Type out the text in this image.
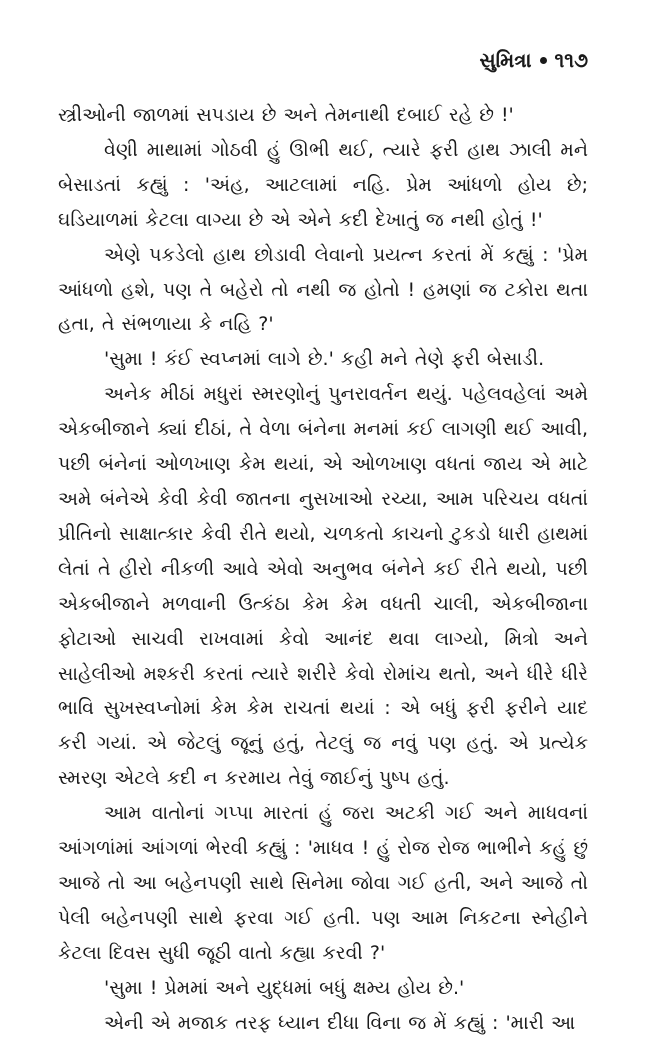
સુમિત્રા ૧૧૭

સ્ત્રીઓની જાળમાં સપડાય છે અને તેમનાથી દબાઈ રહે છે !'

વેણી માથામાં ગોઠવી હું ઊભી થઈ, ત્યારે ફરી હાથ ઝાલી મને બેસાડતાં કહ્યું : 'અંહ, આટલામાં નહિ. પ્રેમ આંધળો હોય છે; ઘડિયાળમાં કેટલા વાગ્યા છે એ એને કદી દેખાતું જ નથી હોતું !'

એણે પકડેલો હાથ છોડાવી લેવાનો પ્રયત્ન કરતાં મેં કહ્યું : 'પ્રેમ આંધળો હશે, પણ તે બહેરો તો નથી જ હોતો ! હમણાં જ ટકોરા થતા હતા, તે સંભળાયા કે નહિ ?'

'સુમા ! કંઈ સ્વપ્નમાં લાગે છે.' કહી મને તેણે ફરી બેસાડી.

અનેક મીઠાં મધુરાં સ્મરણોનું પુનરાવર્તન થયું. પહેલવહેલાં અમે એકબીજાને ક્યાં દીઠાં, તે વેળા બંનેના મનમાં કઈ લાગણી થઈ આવી, પછી બંનેનાં ઓળખાણ કેમ થયાં, એ ઓળખાણ વધતાં જાય એ માટે અમે બંનેએ કેવી કેવી જાતના નુસખાઓ રચ્યા, આમ પરિચય વધતાં પ્રીતિનો સાક્ષાત્કાર કેવી રીતે થયો, ચળકતો કાચનો ટુકડો ધારી હાથમાં લેતાં તે હીરો નીકળી આવે એવો અનુભવ બંનેને કઈ રીતે થયો, પછી એકબીજાને મળવાની ઉત્કંઠા કેમ કેમ વધતી ચાલી, એકબીજાના ફોટાઓ સાચવી રાખવામાં કેવો આનંદ થવા લાગ્યો, મિત્રો અને સાહેલીઓ મશ્કરી કરતાં ત્યારે શરીરે કેવો રોમાંચ થતો, અને ધીરે ધીરે ભાવિ સુખસ્વપ્નોમાં કેમ કેમ રાચતાં થયાં : એ બધું ફરી ફરીને યાદ કરી ગયાં. એ જેટલું જૂનું હતું, તેટલું જ નવું પણ હતું. એ પ્રત્યેક સ્મરણ એટલે કદી ન કરમાય તેવું જાઈનું પુષ્પ હતું.

આમ વાતોનાં ગપ્પા મારતાં હું જરા અટકી ગઈ અને માધવનાં આંગળાંમાં આંગળાં ભેરવી કહ્યું : 'માધવ ! હું રોજ રોજ ભાભીને કહું છું આજે તો આ બહેનપણી સાથે સિનેમા જોવા ગઈ હતી, અને આજે તો પેલી બહેનપણી સાથે ફરવા ગઈ હતી. પણ આમ નિકટના સ્નેહીને કેટલા દિવસ સુધી જૂઠી વાતો કહ્યા કરવી ?'

'સુમા ! પ્રેમમાં અને યુદ્ધમાં બધું ક્ષમ્ય હોય છે.'

એની એ મજાક તરફ ધ્યાન દીધા વિના જ મેં કહ્યું : 'મારી આ
